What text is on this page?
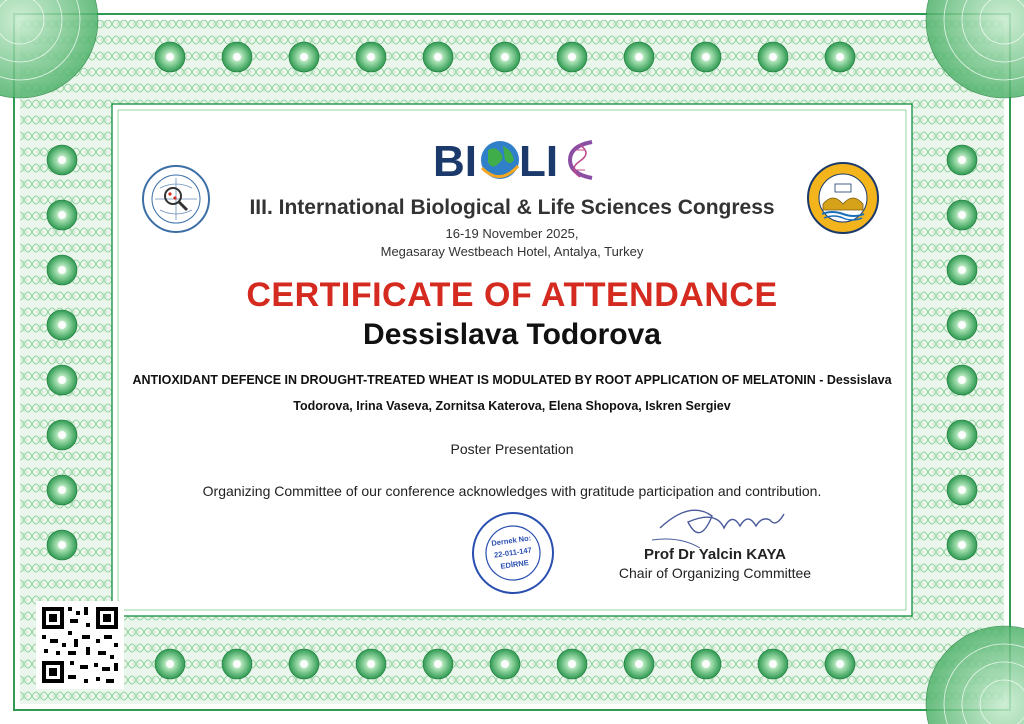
BI LI
Dernek No:
22-011-147
EDİRNE
III. International Biological & Life Sciences Congress
16-19 November 2025,
Megasaray Westbeach Hotel, Antalya, Turkey
CERTIFICATE OF ATTENDANCE
Dessislava Todorova
ANTIOXIDANT DEFENCE IN DROUGHT-TREATED WHEAT IS MODULATED BY ROOT APPLICATION OF MELATONIN - Dessislava
Todorova, Irina Vaseva, Zornitsa Katerova, Elena Shopova, Iskren Sergiev
Poster Presentation
Organizing Committee of our conference acknowledges with gratitude participation and contribution.
Prof Dr Yalcin KAYA
Chair of Organizing Committee
